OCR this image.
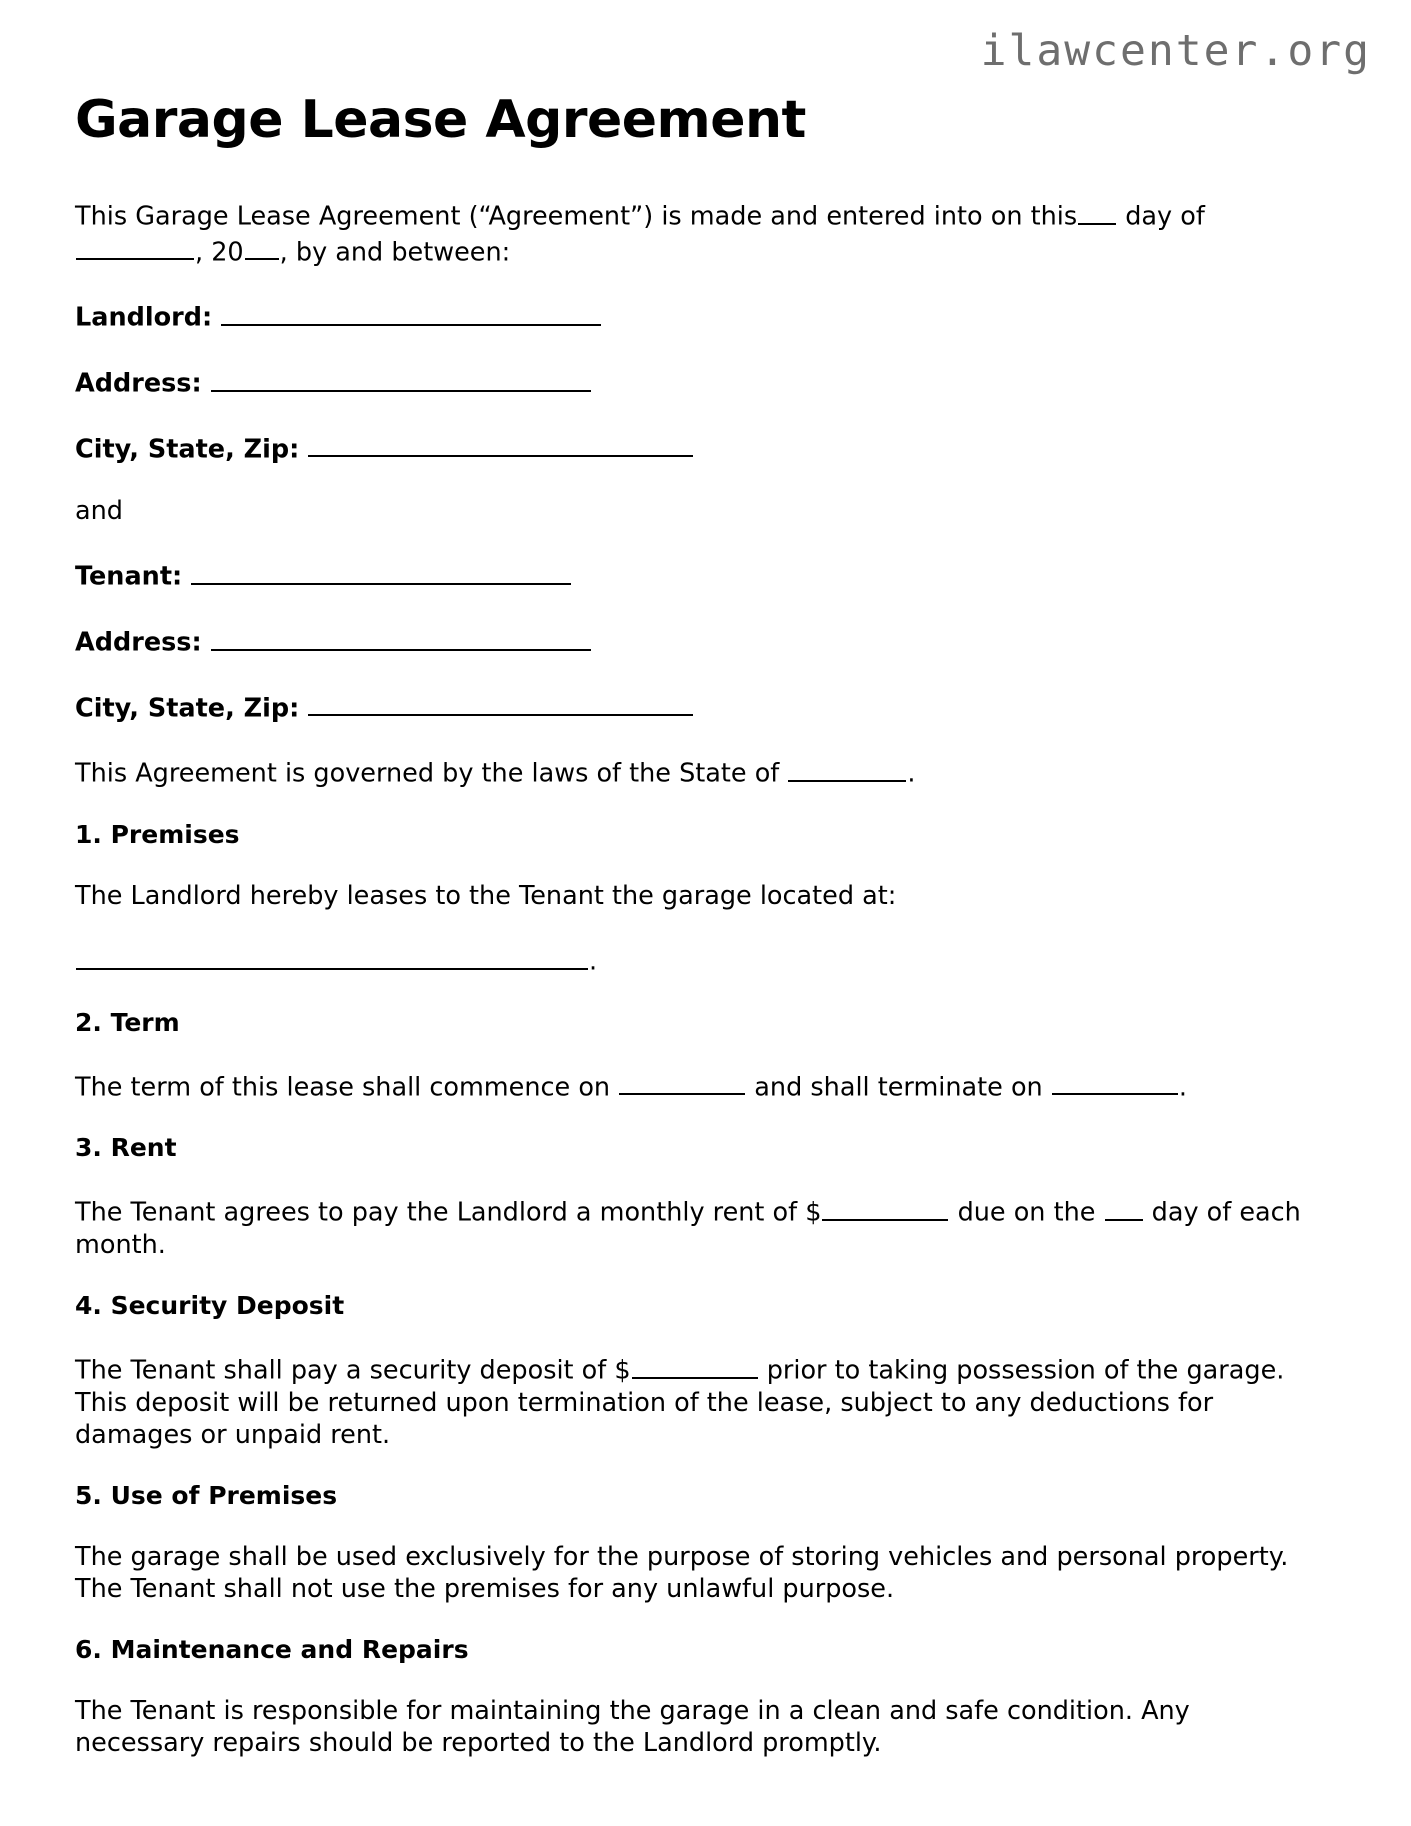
ilawcenter.org
Garage Lease Agreement

This Garage Lease Agreement (“Agreement”) is made and entered into on this day of , 20 , by and between:

Landlord:

Address:

City, State, Zip:

and

Tenant:

Address:

City, State, Zip:

This Agreement is governed by the laws of the State of	.

1. Premises

The Landlord hereby leases to the Tenant the garage located at:

.

2. Term

The term of this lease shall commence on	and shall terminate on	.

3. Rent

The Tenant agrees to pay the Landlord a monthly rent of $	due on the day of each month.

4. Security Deposit

The Tenant shall pay a security deposit of $	prior to taking possession of the garage. This deposit will be returned upon termination of the lease, subject to any deductions for damages or unpaid rent.

5. Use of Premises

The garage shall be used exclusively for the purpose of storing vehicles and personal property. The Tenant shall not use the premises for any unlawful purpose.

6. Maintenance and Repairs

The Tenant is responsible for maintaining the garage in a clean and safe condition. Any necessary repairs should be reported to the Landlord promptly.
